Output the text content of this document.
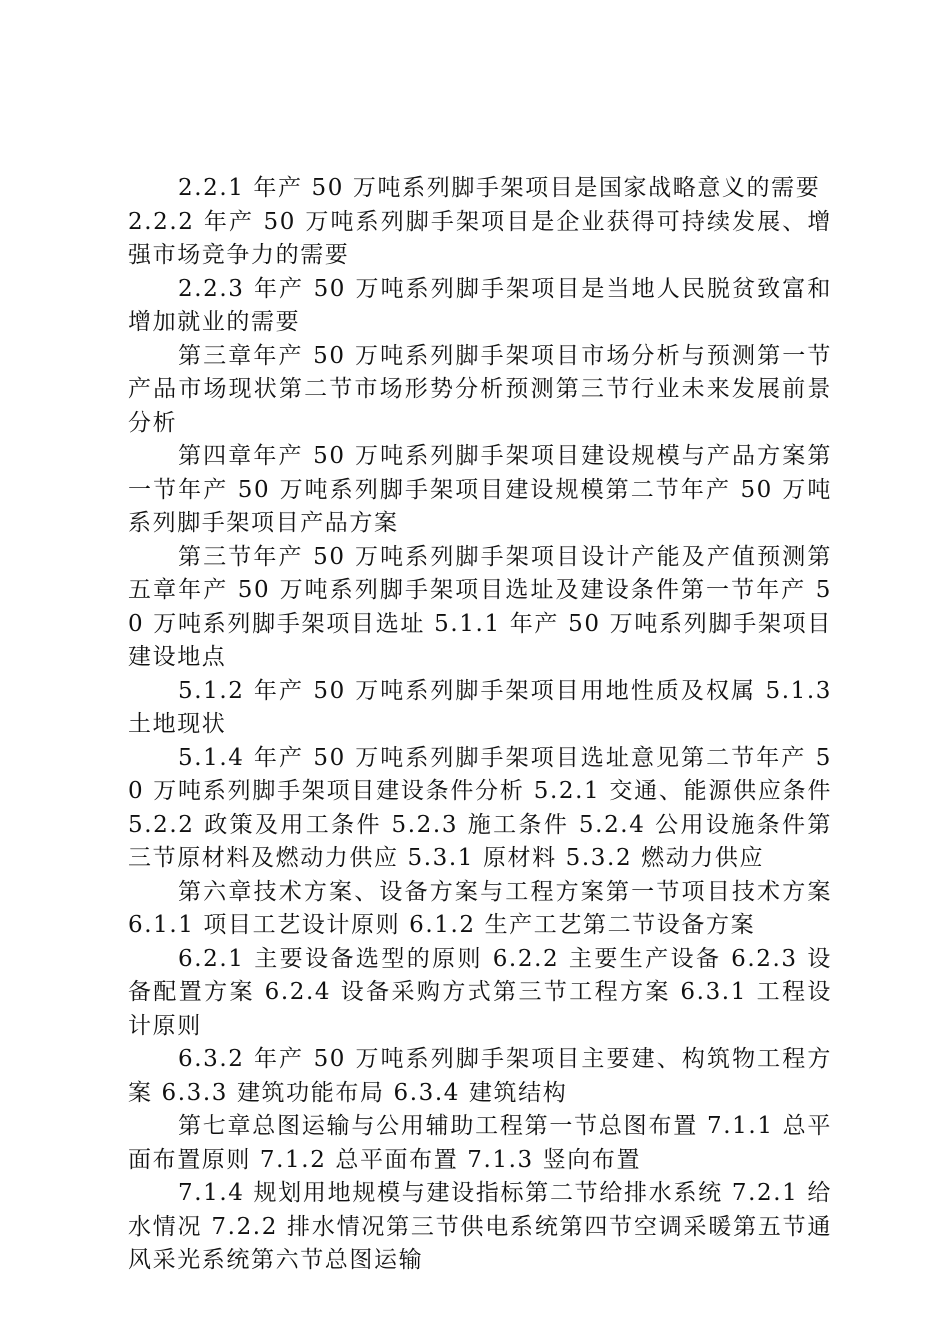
2.2.1 年产 50 万吨系列脚手架项目是国家战略意义的需要

2.2.2 年产 50 万吨系列脚手架项目是企业获得可持续发展、增强市场竞争力的需要

2.2.3 年产 50 万吨系列脚手架项目是当地人民脱贫致富和增加就业的需要

第三章年产 50 万吨系列脚手架项目市场分析与预测第一节产品市场现状第二节市场形势分析预测第三节行业未来发展前景分析

第四章年产 50 万吨系列脚手架项目建设规模与产品方案第一节年产 50 万吨系列脚手架项目建设规模第二节年产 50 万吨系列脚手架项目产品方案

第三节年产 50 万吨系列脚手架项目设计产能及产值预测第五章年产 50 万吨系列脚手架项目选址及建设条件第一节年产 50 万吨系列脚手架项目选址 5.1.1 年产 50 万吨系列脚手架项目建设地点

5.1.2 年产 50 万吨系列脚手架项目用地性质及权属 5.1.3 土地现状

5.1.4 年产 50 万吨系列脚手架项目选址意见第二节年产 50 万吨系列脚手架项目建设条件分析 5.2.1 交通、能源供应条件 5.2.2 政策及用工条件 5.2.3 施工条件 5.2.4 公用设施条件第三节原材料及燃动力供应 5.3.1 原材料 5.3.2 燃动力供应

第六章技术方案、设备方案与工程方案第一节项目技术方案 6.1.1 项目工艺设计原则 6.1.2 生产工艺第二节设备方案

6.2.1 主要设备选型的原则 6.2.2 主要生产设备 6.2.3 设备配置方案 6.2.4 设备采购方式第三节工程方案 6.3.1 工程设计原则

6.3.2 年产 50 万吨系列脚手架项目主要建、构筑物工程方案 6.3.3 建筑功能布局 6.3.4 建筑结构

第七章总图运输与公用辅助工程第一节总图布置 7.1.1 总平面布置原则 7.1.2 总平面布置 7.1.3 竖向布置

7.1.4 规划用地规模与建设指标第二节给排水系统 7.2.1 给水情况 7.2.2 排水情况第三节供电系统第四节空调采暖第五节通风采光系统第六节总图运输
